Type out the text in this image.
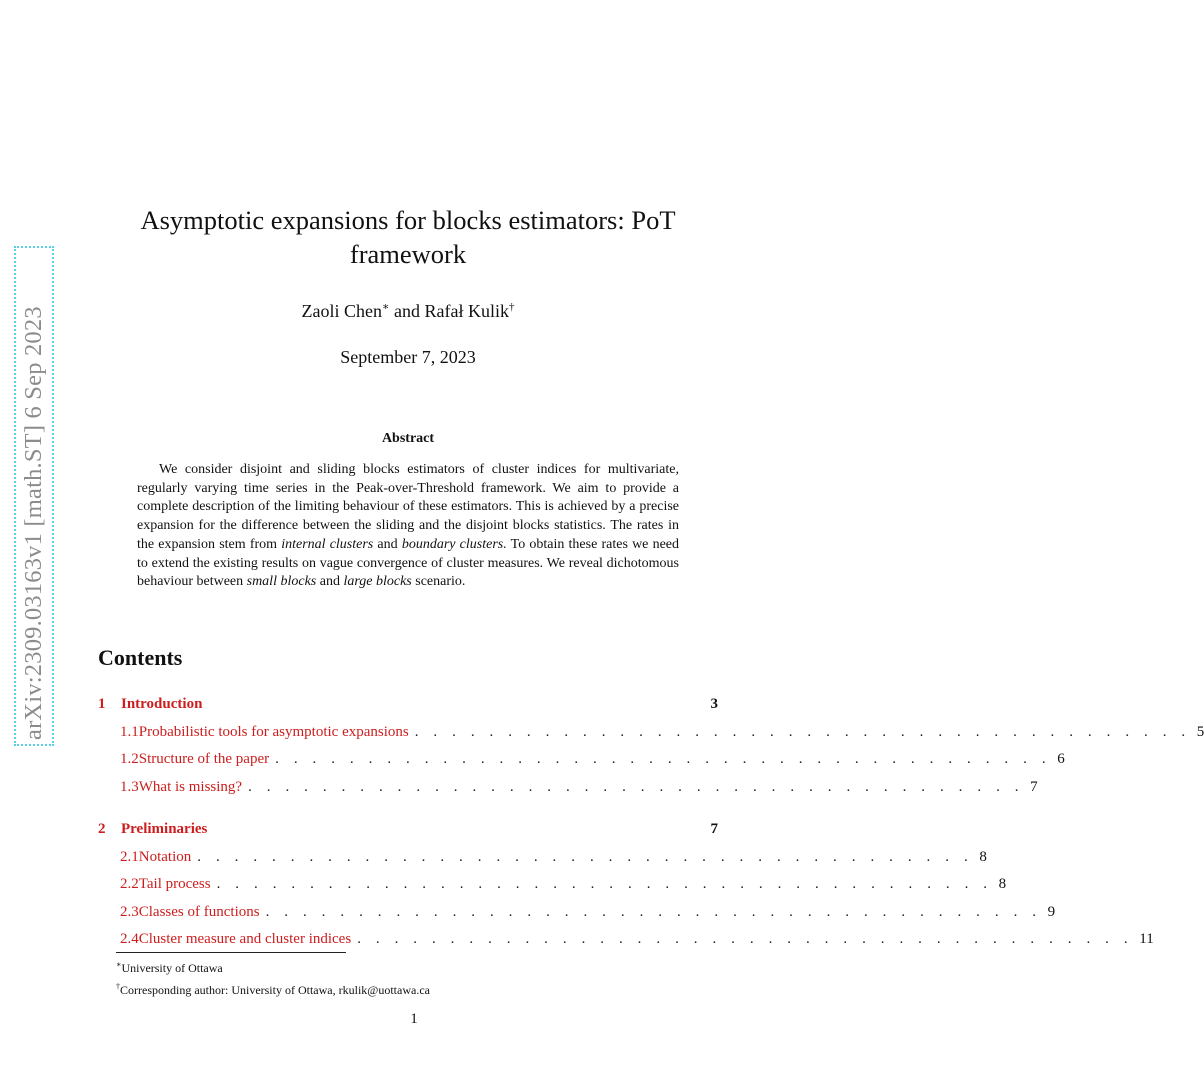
arXiv:2309.03163v1 [math.ST] 6 Sep 2023
Asymptotic expansions for blocks estimators: PoT framework
Zaoli Chen∗ and Rafał Kulik†
September 7, 2023
Abstract

We consider disjoint and sliding blocks estimators of cluster indices for multivariate, regularly varying time series in the Peak-over-Threshold framework. We aim to provide a complete description of the limiting behaviour of these estimators. This is achieved by a precise expansion for the difference between the sliding and the disjoint blocks statistics. The rates in the expansion stem from internal clusters and boundary clusters. To obtain these rates we need to extend the existing results on vague convergence of cluster measures. We reveal dichotomous behaviour between small blocks and large blocks scenario.

Contents
1	Introduction	3
1.1 Probabilistic tools for asymptotic expansions . . . . . . . . . . . . . . . . . . . . . . . . . . . . . . . . . . . . . . . . . . 5
1.2 Structure of the paper . . . . . . . . . . . . . . . . . . . . . . . . . . . . . . . . . . . . . . . . . . 6
1.3 What is missing? . . . . . . . . . . . . . . . . . . . . . . . . . . . . . . . . . . . . . . . . . . 7
2	Preliminaries	7
2.1 Notation . . . . . . . . . . . . . . . . . . . . . . . . . . . . . . . . . . . . . . . . . . 8
2.2 Tail process . . . . . . . . . . . . . . . . . . . . . . . . . . . . . . . . . . . . . . . . . . 8
2.3 Classes of functions . . . . . . . . . . . . . . . . . . . . . . . . . . . . . . . . . . . . . . . . . . 9
2.4 Cluster measure and cluster indices . . . . . . . . . . . . . . . . . . . . . . . . . . . . . . . . . . . . . . . . . . 11
∗University of Ottawa
†Corresponding author: University of Ottawa, rkulik@uottawa.ca
1
